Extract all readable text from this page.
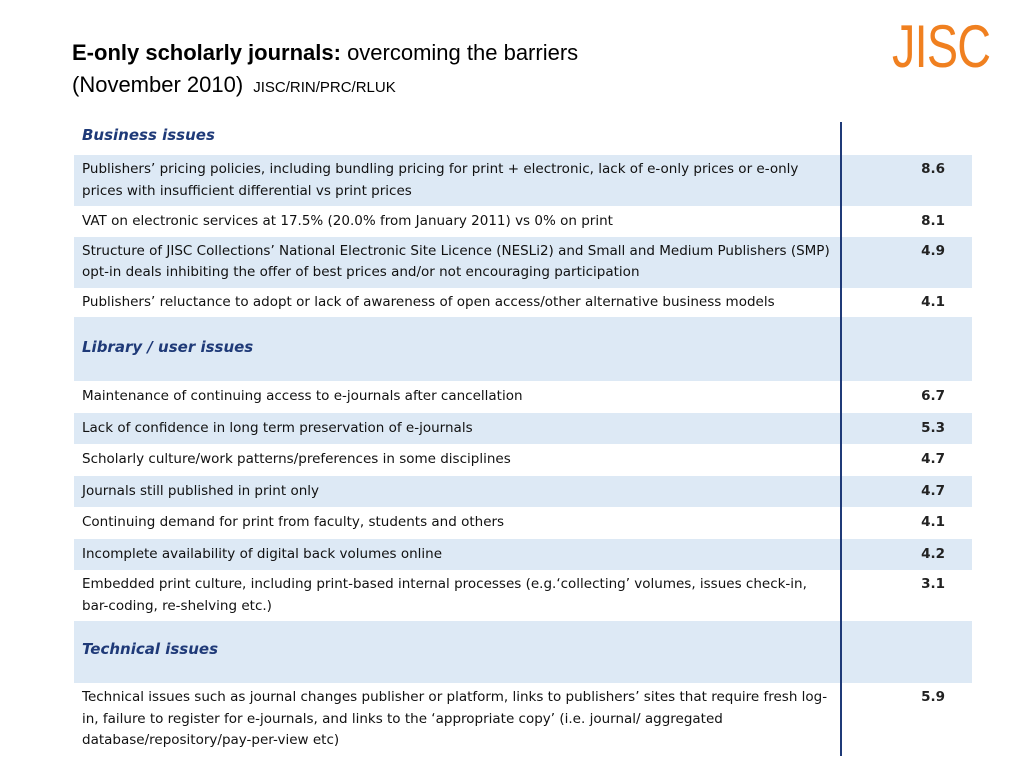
E-only scholarly journals: overcoming the barriers
(November 2010) JISC/RIN/PRC/RLUK
JISC
Business issues	
Publishers’ pricing policies, including bundling pricing for print + electronic, lack of e-only prices or e-only prices with insufficient differential vs print prices	8.6
VAT on electronic services at 17.5% (20.0% from January 2011) vs 0% on print	8.1
Structure of JISC Collections’ National Electronic Site Licence (NESLi2) and Small and Medium Publishers (SMP) opt-in deals inhibiting the offer of best prices and/or not encouraging participation	4.9
Publishers’ reluctance to adopt or lack of awareness of open access/other alternative business models	4.1
Library / user issues	
Maintenance of continuing access to e-journals after cancellation	6.7
Lack of confidence in long term preservation of e-journals	5.3
Scholarly culture/work patterns/preferences in some disciplines	4.7
Journals still published in print only	4.7
Continuing demand for print from faculty, students and others	4.1
Incomplete availability of digital back volumes online	4.2
Embedded print culture, including print-based internal processes (e.g.‘collecting’ volumes, issues check-in, bar-coding, re-shelving etc.)	3.1
Technical issues	
Technical issues such as journal changes publisher or platform, links to publishers’ sites that require fresh log-in, failure to register for e-journals, and links to the ‘appropriate copy’ (i.e. journal/ aggregated database/repository/pay-per-view etc)	5.9
